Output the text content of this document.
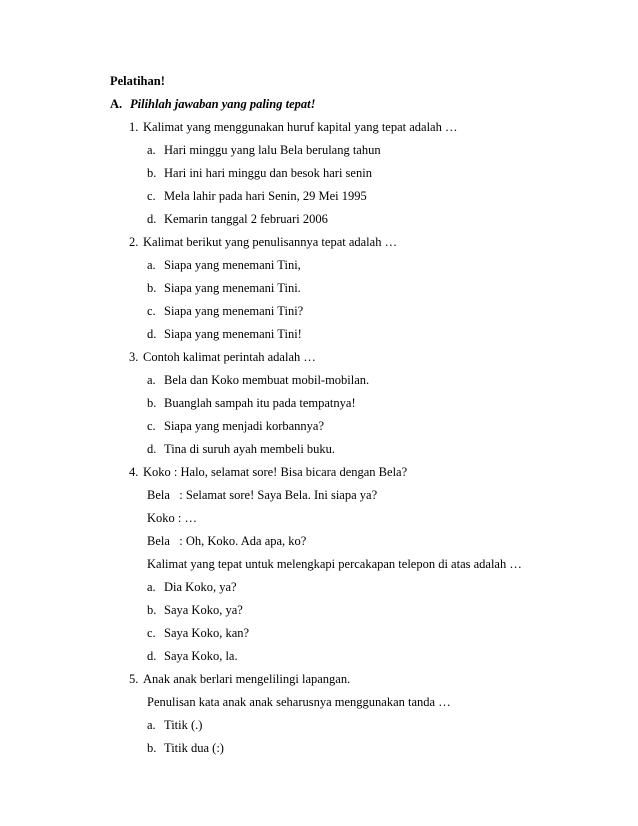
Pelatihan!
A. Pilihlah jawaban yang paling tepat!
1. Kalimat yang menggunakan huruf kapital yang tepat adalah …
a. Hari minggu yang lalu Bela berulang tahun
b. Hari ini hari minggu dan besok hari senin
c. Mela lahir pada hari Senin, 29 Mei 1995
d. Kemarin tanggal 2 februari 2006
2. Kalimat berikut yang penulisannya tepat adalah …
a. Siapa yang menemani Tini,
b. Siapa yang menemani Tini.
c. Siapa yang menemani Tini?
d. Siapa yang menemani Tini!
3. Contoh kalimat perintah adalah …
a. Bela dan Koko membuat mobil-mobilan.
b. Buanglah sampah itu pada tempatnya!
c. Siapa yang menjadi korbannya?
d. Tina di suruh ayah membeli buku.
4. Koko : Halo, selamat sore! Bisa bicara dengan Bela?
Bela   : Selamat sore! Saya Bela. Ini siapa ya?
Koko : …
Bela   : Oh, Koko. Ada apa, ko?
Kalimat yang tepat untuk melengkapi percakapan telepon di atas adalah …
a. Dia Koko, ya?
b. Saya Koko, ya?
c. Saya Koko, kan?
d. Saya Koko, la.
5. Anak anak berlari mengelilingi lapangan.
Penulisan kata anak anak seharusnya menggunakan tanda …
a. Titik (.)
b. Titik dua (:)
